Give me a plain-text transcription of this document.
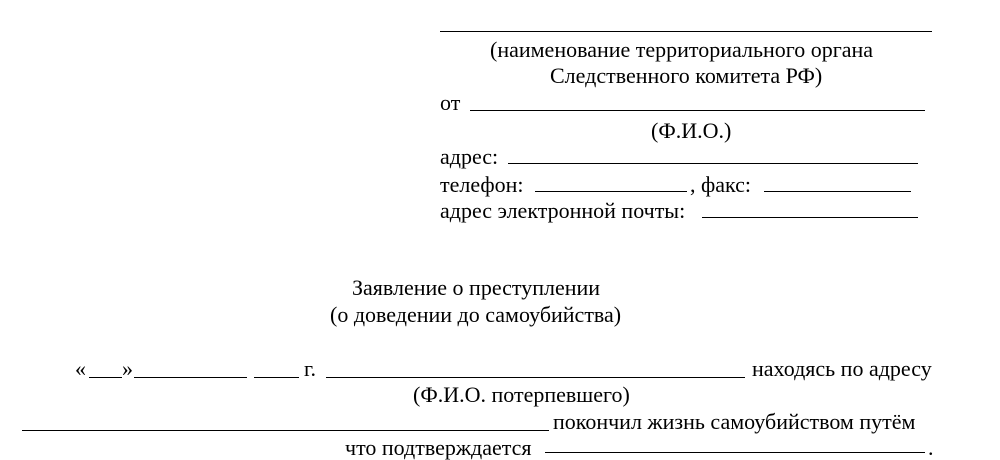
(наименование территориального органа
Следственного комитета РФ)
от
(Ф.И.О.)
адрес:
телефон:	, факс:
адрес электронной почты:
Заявление о преступлении
(о доведении до самоубийства)
« »	г.	находясь по адресу
(Ф.И.О. потерпевшего)
покончил жизнь самоубийством путём
что подтверждается	.
